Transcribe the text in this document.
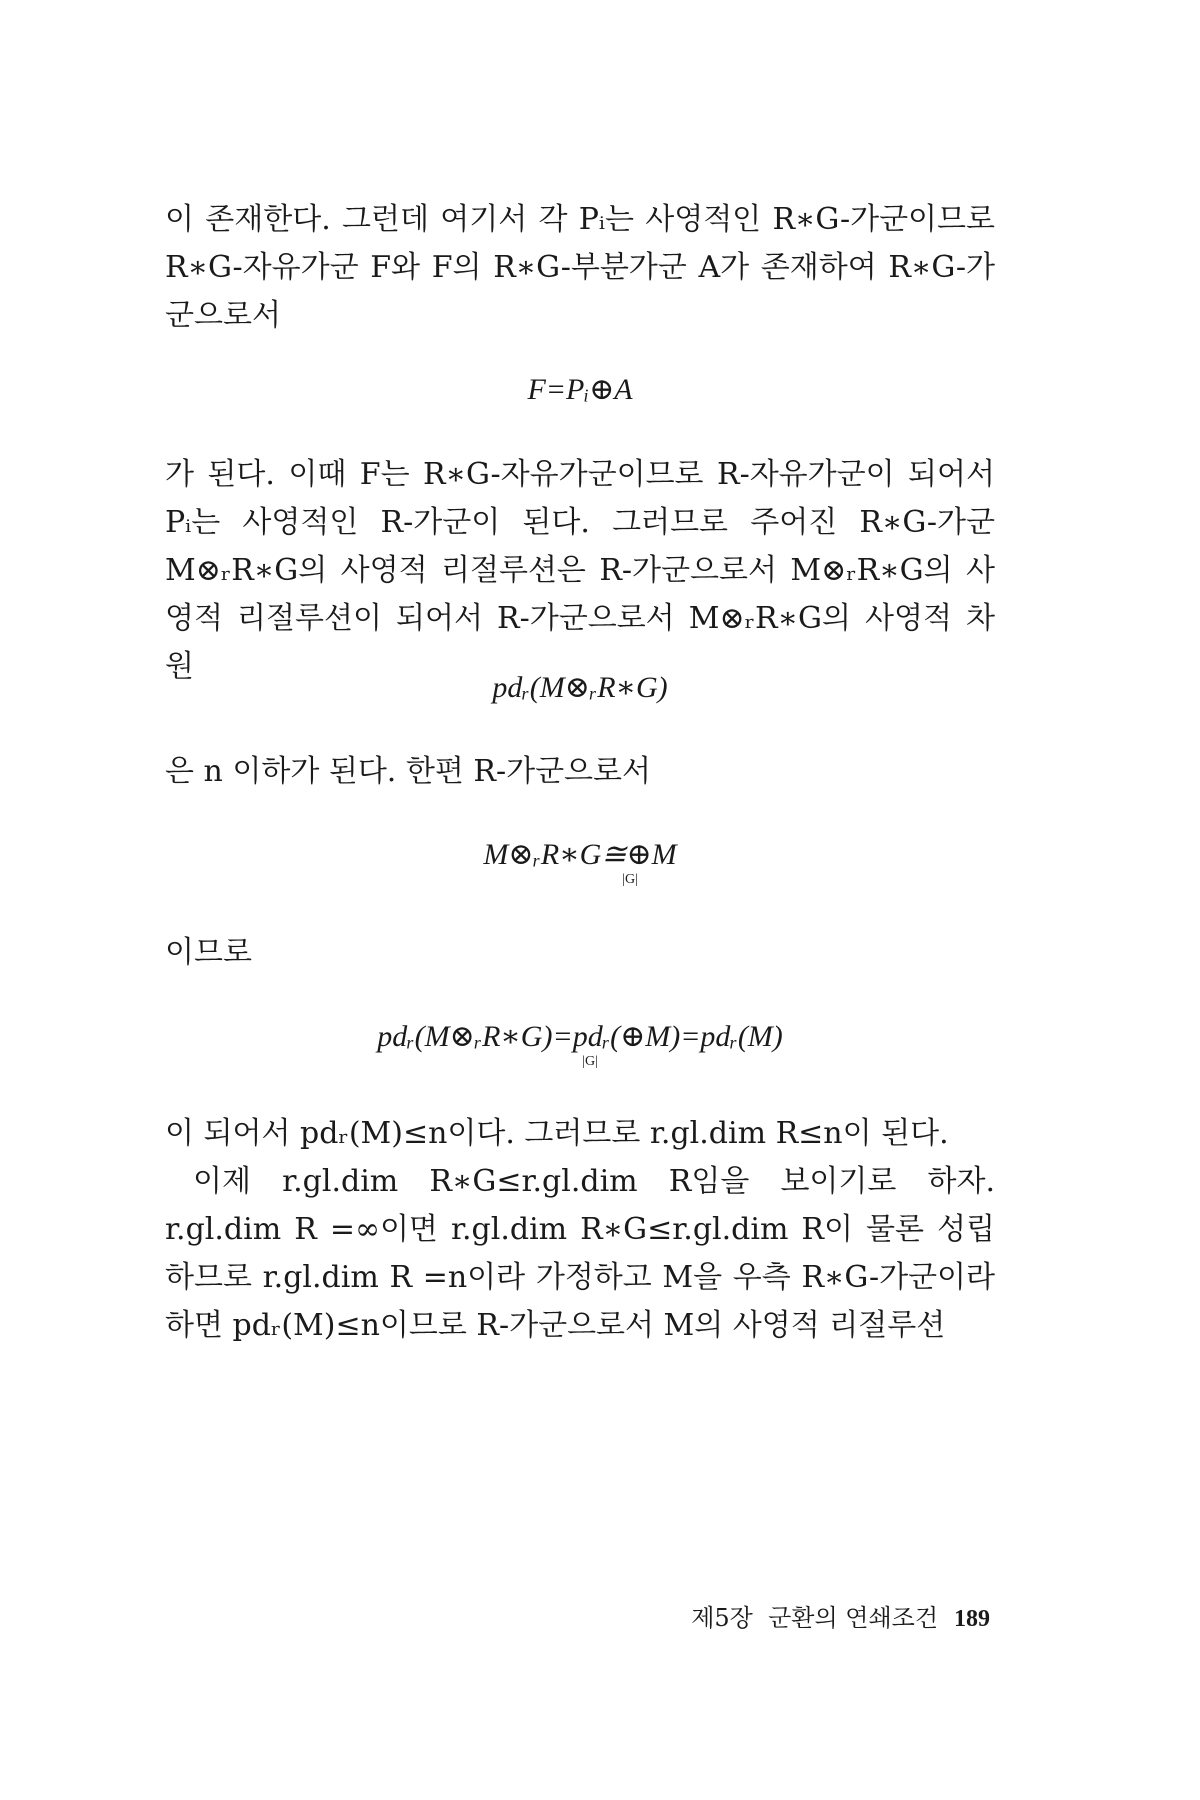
이 존재한다. 그런데 여기서 각 Pᵢ는 사영적인 R∗G-가군이므로 R∗G-자유가군 F와 F의 R∗G-부분가군 A가 존재하여 R∗G-가군으로서

F=Pᵢ⊕A

가 된다. 이때 F는 R∗G-자유가군이므로 R-자유가군이 되어서 Pᵢ는 사영적인 R-가군이 된다. 그러므로 주어진 R∗G-가군 M⊗ᵣR∗G의 사영적 리절루션은 R-가군으로서 M⊗ᵣR∗G의 사영적 리절루션이 되어서 R-가군으로서 M⊗ᵣR∗G의 사영적 차원

pdᵣ(M⊗ᵣR∗G)

은 n 이하가 된다. 한편 R-가군으로서

M⊗ᵣR∗G≅⊕M

|G|

이므로

pdᵣ(M⊗ᵣR∗G)=pdᵣ(⊕M)=pdᵣ(M)

|G|

이 되어서 pdᵣ(M)≤n이다. 그러므로 r.gl.dim R≤n이 된다.

이제 r.gl.dim R∗G≤r.gl.dim R임을 보이기로 하자. r.gl.dim R =∞이면 r.gl.dim R∗G≤r.gl.dim R이 물론 성립하므로 r.gl.dim R =n이라 가정하고 M을 우측 R∗G-가군이라 하면 pdᵣ(M)≤n이므로 R-가군으로서 M의 사영적 리절루션

제5장  군환의 연쇄조건 189
